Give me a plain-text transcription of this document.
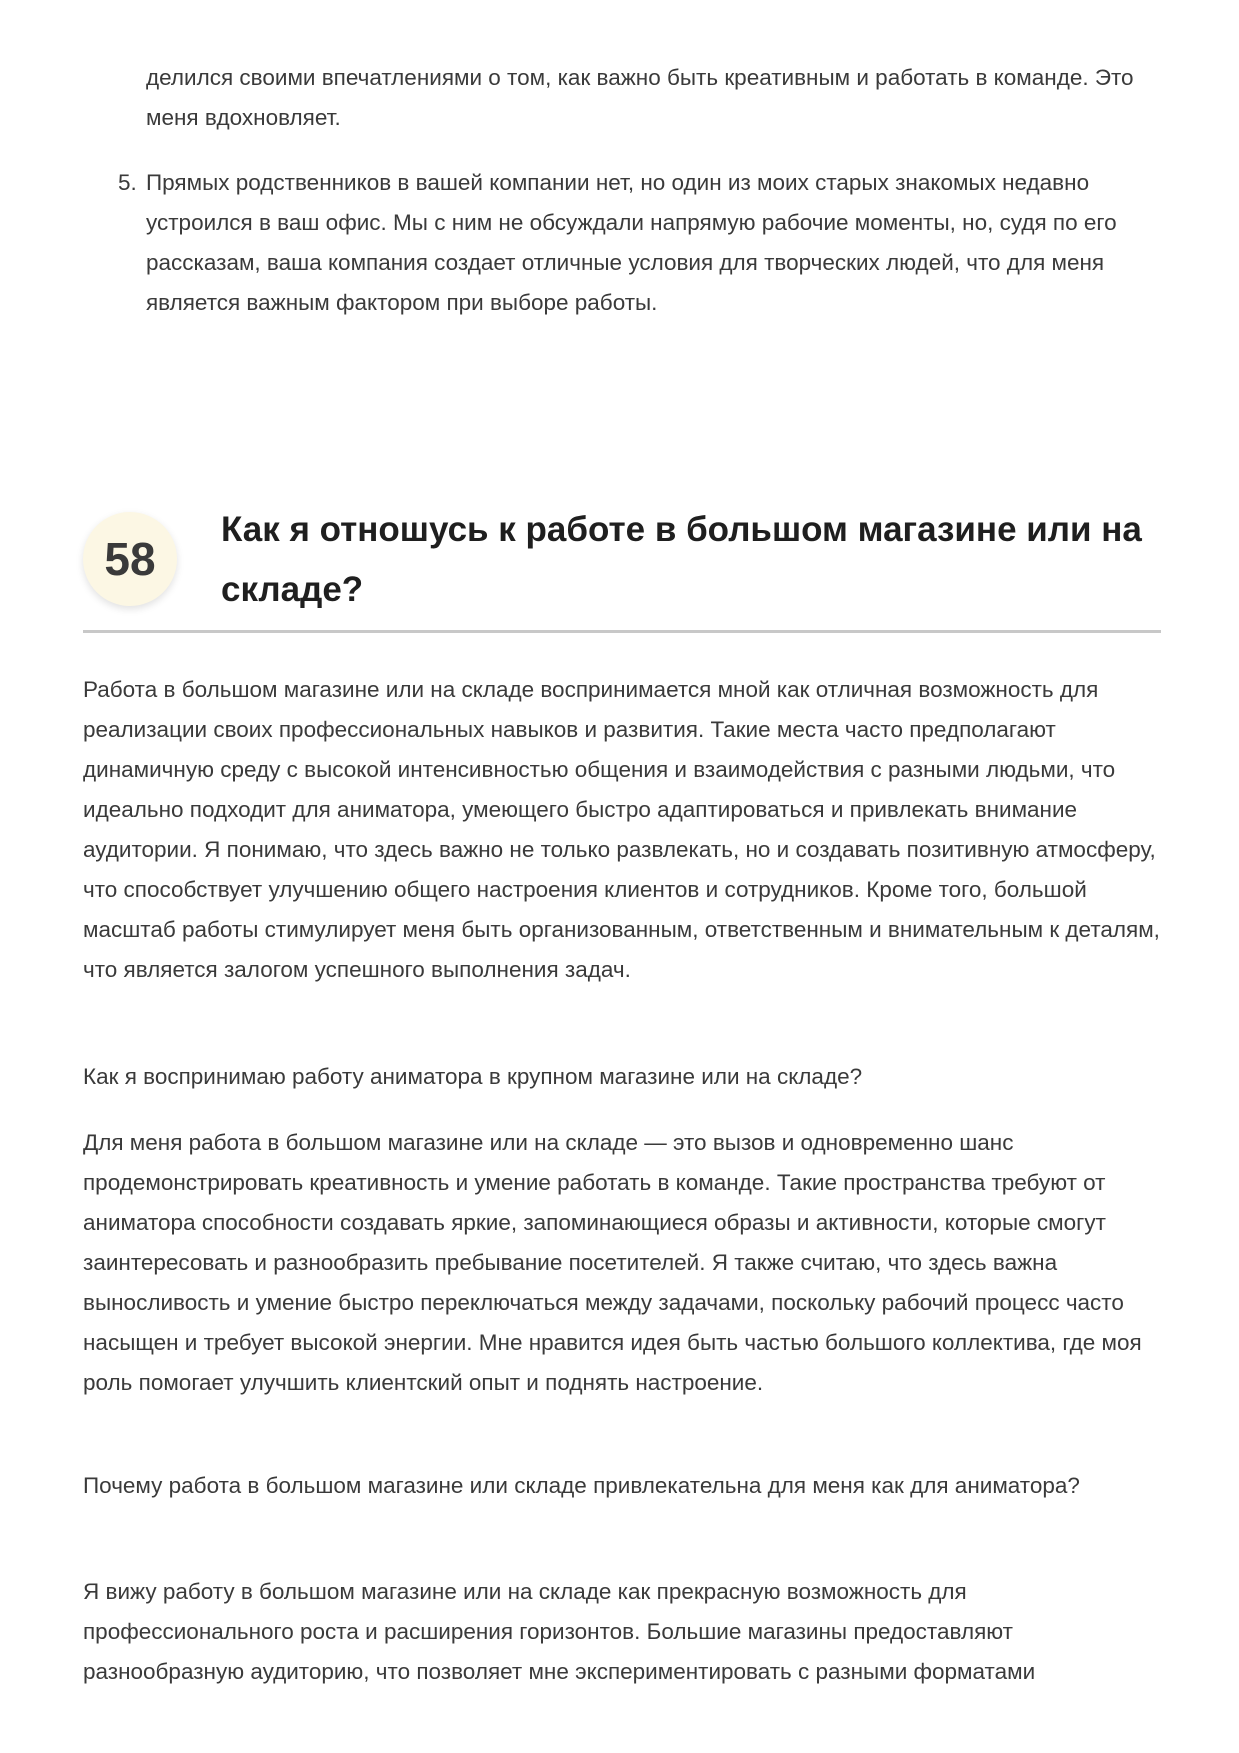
делился своими впечатлениями о том, как важно быть креативным и работать в команде. Это меня вдохновляет.

5. Прямых родственников в вашей компании нет, но один из моих старых знакомых недавно устроился в ваш офис. Мы с ним не обсуждали напрямую рабочие моменты, но, судя по его рассказам, ваша компания создает отличные условия для творческих людей, что для меня является важным фактором при выборе работы.
58
Как я отношусь к работе в большом магазине или на складе?

Работа в большом магазине или на складе воспринимается мной как отличная возможность для реализации своих профессиональных навыков и развития. Такие места часто предполагают динамичную среду с высокой интенсивностью общения и взаимодействия с разными людьми, что идеально подходит для аниматора, умеющего быстро адаптироваться и привлекать внимание аудитории. Я понимаю, что здесь важно не только развлекать, но и создавать позитивную атмосферу, что способствует улучшению общего настроения клиентов и сотрудников. Кроме того, большой масштаб работы стимулирует меня быть организованным, ответственным и внимательным к деталям, что является залогом успешного выполнения задач.

Как я воспринимаю работу аниматора в крупном магазине или на складе?

Для меня работа в большом магазине или на складе — это вызов и одновременно шанс продемонстрировать креативность и умение работать в команде. Такие пространства требуют от аниматора способности создавать яркие, запоминающиеся образы и активности, которые смогут заинтересовать и разнообразить пребывание посетителей. Я также считаю, что здесь важна выносливость и умение быстро переключаться между задачами, поскольку рабочий процесс часто насыщен и требует высокой энергии. Мне нравится идея быть частью большого коллектива, где моя роль помогает улучшить клиентский опыт и поднять настроение.

Почему работа в большом магазине или складе привлекательна для меня как для аниматора?

Я вижу работу в большом магазине или на складе как прекрасную возможность для профессионального роста и расширения горизонтов. Большие магазины предоставляют разнообразную аудиторию, что позволяет мне экспериментировать с разными форматами
